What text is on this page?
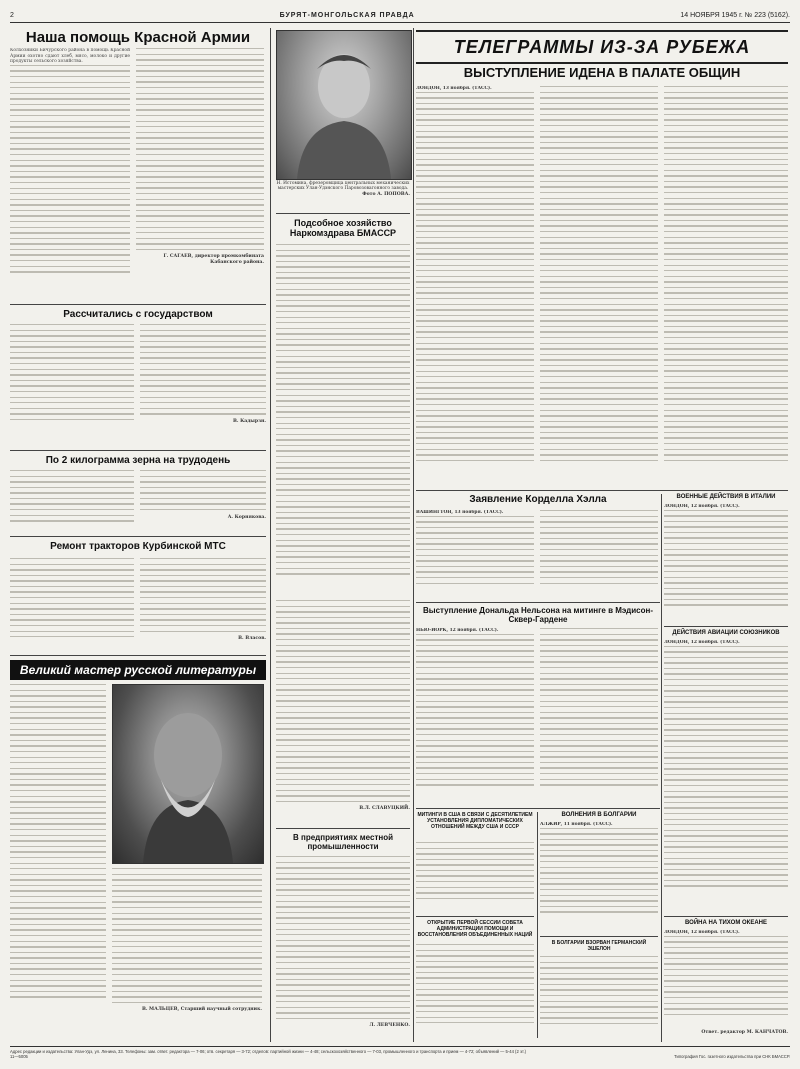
2	БУРЯТ-МОНГОЛЬСКАЯ ПРАВДА	14 НОЯБРЯ 1945 г. № 223 (5162).
Наша помощь Красной Армии

Колхозники Бичурского района в помощь Красной Армии охотно сдают хлеб, мясо, молоко и другие продукты сельского хозяйства.

Г. САГАЕВ, директор промкомбината Кабанского района.
Рассчитались с государством
В. Кадырзн.
По 2 килограмма зерна на трудодень
А. Корнякова.
Ремонт тракторов Курбинской МТС
В. Власов.
Великий мастер русской литературы
В. МАЛЬЦЕВ, Старший научный сотрудник.
Н. Истомина, фрезеровщица центральных механических мастерских Улан-Удэнского Паровозовагонного завода.
Фото А. ПОПОВА.
Подсобное хозяйство Наркомздрава БМАССР
В.Л. СЛАВУЦКИЙ.
В предприятиях местной промышленности
Л. ЛЕВЧЕНКО.
ТЕЛЕГРАММЫ ИЗ-ЗА РУБЕЖА
ВЫСТУПЛЕНИЕ ИДЕНА В ПАЛАТЕ ОБЩИН
ЛОНДОН, 13 ноября. (ТАСС).
Заявление Корделла Хэлла
ВАШИНГТОН, 13 ноября. (ТАСС).
Выступление Дональда Нельсона на митинге в Мэдисон-Сквер-Гардене
НЬЮ-ЙОРК, 12 ноября. (ТАСС).
МИТИНГИ В США В СВЯЗИ С ДЕСЯТИЛЕТИЕМ УСТАНОВЛЕНИЯ ДИПЛОМАТИЧЕСКИХ ОТНОШЕНИЙ МЕЖДУ США И СССР
ОТКРЫТИЕ ПЕРВОЙ СЕССИИ СОВЕТА АДМИНИСТРАЦИИ ПОМОЩИ И ВОССТАНОВЛЕНИЯ ОБЪЕДИНЕННЫХ НАЦИЙ
ВОЛНЕНИЯ В БОЛГАРИИ
АЛЖИР, 11 ноября. (ТАСС).
В БОЛГАРИИ ВЗОРВАН ГЕРМАНСКИЙ ЭШЕЛОН
ВОЕННЫЕ ДЕЙСТВИЯ В ИТАЛИИ
ЛОНДОН, 12 ноября. (ТАСС).
ДЕЙСТВИЯ АВИАЦИИ СОЮЗНИКОВ
ЛОНДОН, 12 ноября. (ТАСС).
ВОЙНА НА ТИХОМ ОКЕАНЕ
ЛОНДОН, 12 ноября. (ТАСС).
Ответ. редактор М. КАНЧАТОВ.
Адрес редакции и издательства: Улан-Удэ, ул. Ленина, 33. Телефоны: зам. ответ. редактора — 7-06; отв. секретаря — 3-72; отделов: партийной жизни — 4-48; сельскохозяйственного — 7-03, промышленного и транспорта и прием — 4-72; объявлений — 5-44 (2 эт.)
11—5005	Типография Гос. газетного издательства при СНК БМАССР.
